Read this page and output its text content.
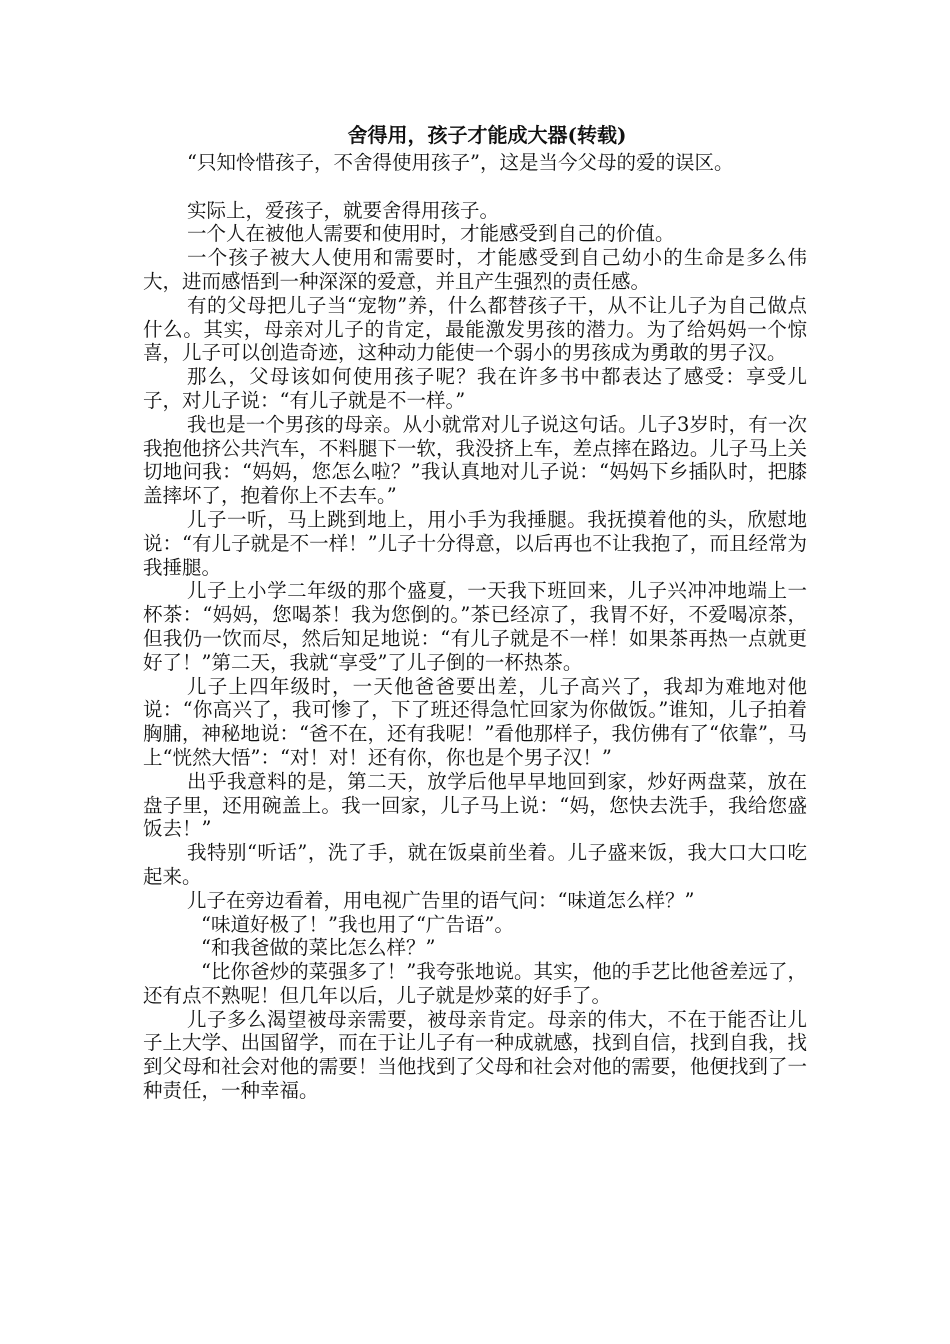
舍得用，孩子才能成大器(转载)

“只知怜惜孩子，不舍得使用孩子”，这是当今父母的爱的误区。

实际上，爱孩子，就要舍得用孩子。

一个人在被他人需要和使用时，才能感受到自己的价值。

一个孩子被大人使用和需要时，才能感受到自己幼小的生命是多么伟大，进而感悟到一种深深的爱意，并且产生强烈的责任感。

有的父母把儿子当“宠物”养，什么都替孩子干，从不让儿子为自己做点什么。其实，母亲对儿子的肯定，最能激发男孩的潜力。为了给妈妈一个惊喜，儿子可以创造奇迹，这种动力能使一个弱小的男孩成为勇敢的男子汉。

那么，父母该如何使用孩子呢？我在许多书中都表达了感受：享受儿子，对儿子说：“有儿子就是不一样。”

我也是一个男孩的母亲。从小就常对儿子说这句话。儿子3岁时，有一次我抱他挤公共汽车，不料腿下一软，我没挤上车，差点摔在路边。儿子马上关切地问我：“妈妈，您怎么啦？”我认真地对儿子说：“妈妈下乡插队时，把膝盖摔坏了，抱着你上不去车。”

儿子一听，马上跳到地上，用小手为我捶腿。我抚摸着他的头，欣慰地说：“有儿子就是不一样！”儿子十分得意，以后再也不让我抱了，而且经常为我捶腿。

儿子上小学二年级的那个盛夏，一天我下班回来，儿子兴冲冲地端上一杯茶：“妈妈，您喝茶！我为您倒的。”茶已经凉了，我胃不好，不爱喝凉茶，但我仍一饮而尽，然后知足地说：“有儿子就是不一样！如果茶再热一点就更好了！”第二天，我就“享受”了儿子倒的一杯热茶。

儿子上四年级时，一天他爸爸要出差，儿子高兴了，我却为难地对他说：“你高兴了，我可惨了，下了班还得急忙回家为你做饭。”谁知，儿子拍着胸脯，神秘地说：“爸不在，还有我呢！”看他那样子，我仿佛有了“依靠”，马上“恍然大悟”：“对！对！还有你，你也是个男子汉！”

出乎我意料的是，第二天，放学后他早早地回到家，炒好两盘菜，放在盘子里，还用碗盖上。我一回家，儿子马上说：“妈，您快去洗手，我给您盛饭去！”

我特别“听话”，洗了手，就在饭桌前坐着。儿子盛来饭，我大口大口吃起来。

儿子在旁边看着，用电视广告里的语气问：“味道怎么样？”

“味道好极了！”我也用了“广告语”。

“和我爸做的菜比怎么样？”

“比你爸炒的菜强多了！”我夸张地说。其实，他的手艺比他爸差远了，还有点不熟呢！但几年以后，儿子就是炒菜的好手了。

儿子多么渴望被母亲需要，被母亲肯定。母亲的伟大，不在于能否让儿子上大学、出国留学，而在于让儿子有一种成就感，找到自信，找到自我，找到父母和社会对他的需要！当他找到了父母和社会对他的需要，他便找到了一种责任，一种幸福。
